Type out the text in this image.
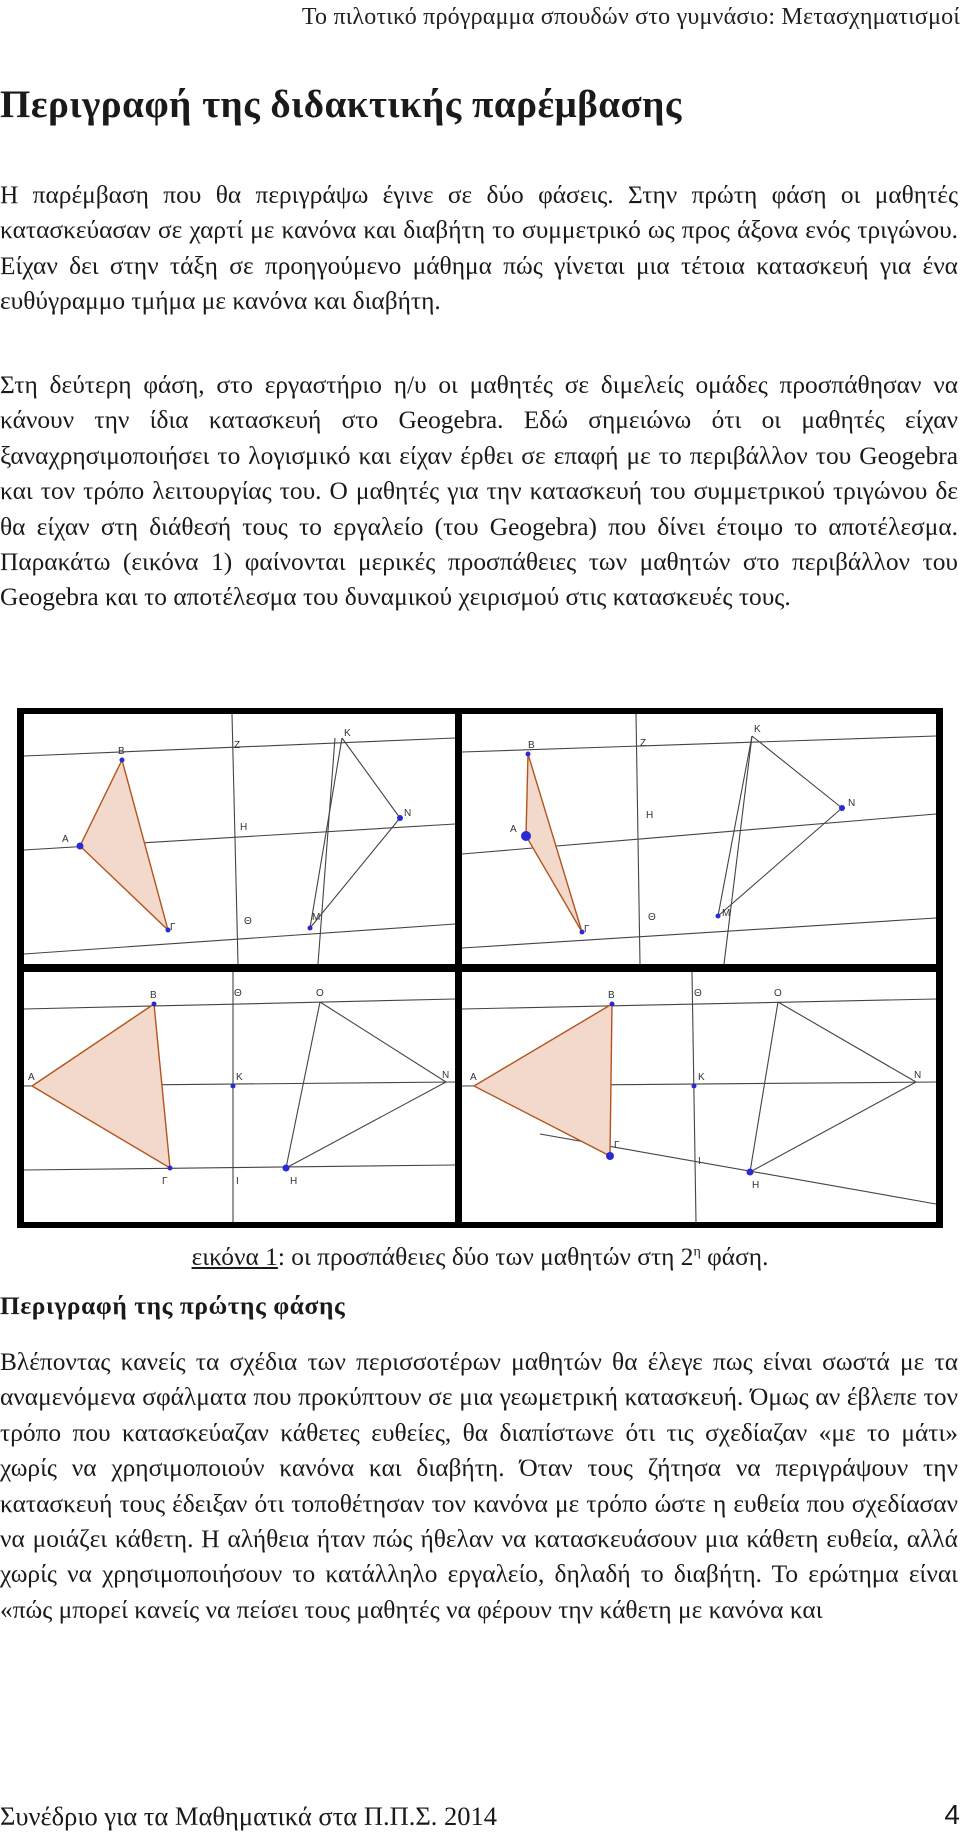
Το πιλοτικό πρόγραμμα σπουδών στο γυμνάσιο: Μετασχηματισμοί
Περιγραφή της διδακτικής παρέμβασης

Η παρέμβαση που θα περιγράψω έγινε σε δύο φάσεις. Στην πρώτη φάση οι μαθητές κατασκεύασαν σε χαρτί με κανόνα και διαβήτη το συμμετρικό ως προς άξονα ενός τριγώνου. Είχαν δει στην τάξη σε προηγούμενο μάθημα πώς γίνεται μια τέτοια κατασκευή για ένα ευθύγραμμο τμήμα με κανόνα και διαβήτη.

Στη δεύτερη φάση, στο εργαστήριο η/υ οι μαθητές σε διμελείς ομάδες προσπάθησαν να κάνουν την ίδια κατασκευή στο Geogebra. Εδώ σημειώνω ότι οι μαθητές είχαν ξαναχρησιμοποιήσει το λογισμικό και είχαν έρθει σε επαφή με το περιβάλλον του Geogebra και τον τρόπο λειτουργίας του. Ο μαθητές για την κατασκευή του συμμετρικού τριγώνου δε θα είχαν στη διάθεσή τους το εργαλείο (του Geogebra) που δίνει έτοιμο το αποτέλεσμα. Παρακάτω (εικόνα 1) φαίνονται μερικές προσπάθειες των μαθητών στο περιβάλλον του Geogebra και το αποτέλεσμα του δυναμικού χειρισμού στις κατασκευές τους.

Β
Ζ
Κ
Α
Η
Ν
Γ
Θ	Μ
Β	Ζ
Κ
Α
Η
Ν
Γ
Θ	Μ
Β	Θ	Ο
Α	Κ	Ν
Γ	Ι	Η
Β	Θ	Ο
Α	Κ	Ν
Γ
Ι
Η
εικόνα 1: οι προσπάθειες δύο των μαθητών στη $2^\eta$ φάση.
Περιγραφή της πρώτης φάσης

Βλέποντας κανείς τα σχέδια των περισσοτέρων μαθητών θα έλεγε πως είναι σωστά με τα αναμενόμενα σφάλματα που προκύπτουν σε μια γεωμετρική κατασκευή. Όμως αν έβλεπε τον τρόπο που κατασκεύαζαν κάθετες ευθείες, θα διαπίστωνε ότι τις σχεδίαζαν «με το μάτι» χωρίς να χρησιμοποιούν κανόνα και διαβήτη. Όταν τους ζήτησα να περιγράψουν την κατασκευή τους έδειξαν ότι τοποθέτησαν τον κανόνα με τρόπο ώστε η ευθεία που σχεδίασαν να μοιάζει κάθετη. Η αλήθεια ήταν πώς ήθελαν να κατασκευάσουν μια κάθετη ευθεία, αλλά χωρίς να χρησιμοποιήσουν το κατάλληλο εργαλείο, δηλαδή το διαβήτη. Το ερώτημα είναι «πώς μπορεί κανείς να πείσει τους μαθητές να φέρουν την κάθετη με κανόνα και

Συνέδριο για τα Μαθηματικά στα Π.Π.Σ. 2014	4
